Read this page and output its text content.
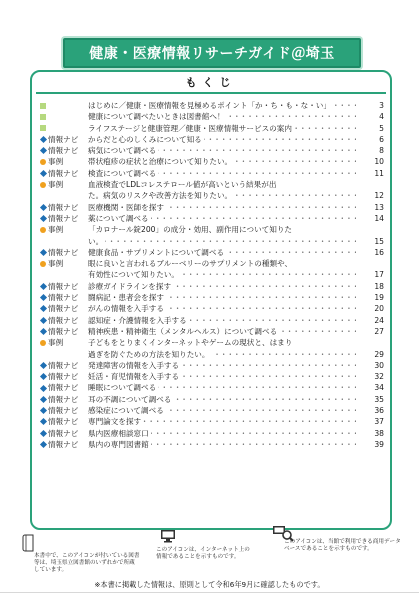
健康・医療情報リサーチガイド＠埼玉
もくじ
はじめに／健康・医療情報を見極めるポイント「か・ち・も・な・い」 ・・・・・・・・・・・・・・・・・・・・・・・・・・・・・・・・・・・・・・・・・・・・・・・・・・・・・・・・	3
健康について調べたいときは図書館へ！ ・・・・・・・・・・・・・・・・・・・・・・・・・・・・・・・・・・・・・・・・・・・・・・・・・・・・・・・・	4
ライフステージと健康管理／健康・医療情報サービスの案内 ・・・・・・・・・・・・・・・・・・・・・・・・・・・・・・・・・・・・・・・・・・・・・・・・・・・・・・・・	5
情報ナビ	からだと心のしくみについて知る ・・・・・・・・・・・・・・・・・・・・・・・・・・・・・・・・・・・・・・・・・・・・・・・・・・・・・・・・	6
情報ナビ	病気について調べる ・・・・・・・・・・・・・・・・・・・・・・・・・・・・・・・・・・・・・・・・・・・・・・・・・・・・・・・・	8
事例	帯状疱疹の症状と治療について知りたい。 ・・・・・・・・・・・・・・・・・・・・・・・・・・・・・・・・・・・・・・・・・・・・・・・・・・・・・・・・	10
情報ナビ	検査について調べる ・・・・・・・・・・・・・・・・・・・・・・・・・・・・・・・・・・・・・・・・・・・・・・・・・・・・・・・・	11
事例	血液検査でLDLコレステロール値が高いという結果が出
た。病気のリスクや改善方法を知りたい。 ・・・・・・・・・・・・・・・・・・・・・・・・・・・・・・・・・・・・・・・・・・・・・・・・・・・・・・・・	12
情報ナビ	医療機関・医師を探す ・・・・・・・・・・・・・・・・・・・・・・・・・・・・・・・・・・・・・・・・・・・・・・・・・・・・・・・・	13
情報ナビ	薬について調べる ・・・・・・・・・・・・・・・・・・・・・・・・・・・・・・・・・・・・・・・・・・・・・・・・・・・・・・・・	14
事例	「カロナール錠200」の成分・効用、副作用について知りた
い。 ・・・・・・・・・・・・・・・・・・・・・・・・・・・・・・・・・・・・・・・・・・・・・・・・・・・・・・・・	15
情報ナビ	健康食品・サプリメントについて調べる ・・・・・・・・・・・・・・・・・・・・・・・・・・・・・・・・・・・・・・・・・・・・・・・・・・・・・・・・	16
事例	眼に良いと言われるブルーベリーのサプリメントの種類や、
有効性について知りたい。 ・・・・・・・・・・・・・・・・・・・・・・・・・・・・・・・・・・・・・・・・・・・・・・・・・・・・・・・・	17
情報ナビ	診療ガイドラインを探す ・・・・・・・・・・・・・・・・・・・・・・・・・・・・・・・・・・・・・・・・・・・・・・・・・・・・・・・・	18
情報ナビ	闘病記・患者会を探す ・・・・・・・・・・・・・・・・・・・・・・・・・・・・・・・・・・・・・・・・・・・・・・・・・・・・・・・・	19
情報ナビ	がんの情報を入手する ・・・・・・・・・・・・・・・・・・・・・・・・・・・・・・・・・・・・・・・・・・・・・・・・・・・・・・・・	20
情報ナビ	認知症・介護情報を入手する ・・・・・・・・・・・・・・・・・・・・・・・・・・・・・・・・・・・・・・・・・・・・・・・・・・・・・・・・	24
情報ナビ	精神疾患・精神衛生（メンタルヘルス）について調べる ・・・・・・・・・・・・・・・・・・・・・・・・・・・・・・・・・・・・・・・・・・・・・・・・・・・・・・・・	27
事例	子どもをとりまくインターネットやゲームの現状と、はまり
過ぎを防ぐための方法を知りたい。 ・・・・・・・・・・・・・・・・・・・・・・・・・・・・・・・・・・・・・・・・・・・・・・・・・・・・・・・・	29
情報ナビ	発達障害の情報を入手する ・・・・・・・・・・・・・・・・・・・・・・・・・・・・・・・・・・・・・・・・・・・・・・・・・・・・・・・・	30
情報ナビ	妊活・育児情報を入手する ・・・・・・・・・・・・・・・・・・・・・・・・・・・・・・・・・・・・・・・・・・・・・・・・・・・・・・・・	32
情報ナビ	睡眠について調べる ・・・・・・・・・・・・・・・・・・・・・・・・・・・・・・・・・・・・・・・・・・・・・・・・・・・・・・・・	34
情報ナビ	耳の不調について調べる ・・・・・・・・・・・・・・・・・・・・・・・・・・・・・・・・・・・・・・・・・・・・・・・・・・・・・・・・	35
情報ナビ	感染症について調べる ・・・・・・・・・・・・・・・・・・・・・・・・・・・・・・・・・・・・・・・・・・・・・・・・・・・・・・・・	36
情報ナビ	専門論文を探す ・・・・・・・・・・・・・・・・・・・・・・・・・・・・・・・・・・・・・・・・・・・・・・・・・・・・・・・・	37
情報ナビ	県内医療相談窓口 ・・・・・・・・・・・・・・・・・・・・・・・・・・・・・・・・・・・・・・・・・・・・・・・・・・・・・・・・	38
情報ナビ	県内の専門図書館 ・・・・・・・・・・・・・・・・・・・・・・・・・・・・・・・・・・・・・・・・・・・・・・・・・・・・・・・・	39
本書中で、このアイコンが付いている図書等は、埼玉県立図書館のいずれかで所蔵しています。
このアイコンは、インターネット上の情報であることを示すものです。
このアイコンは、当館で利用できる商用データベースであることを示すものです。
※本書に掲載した情報は、原則として令和6年9月に確認したものです。
